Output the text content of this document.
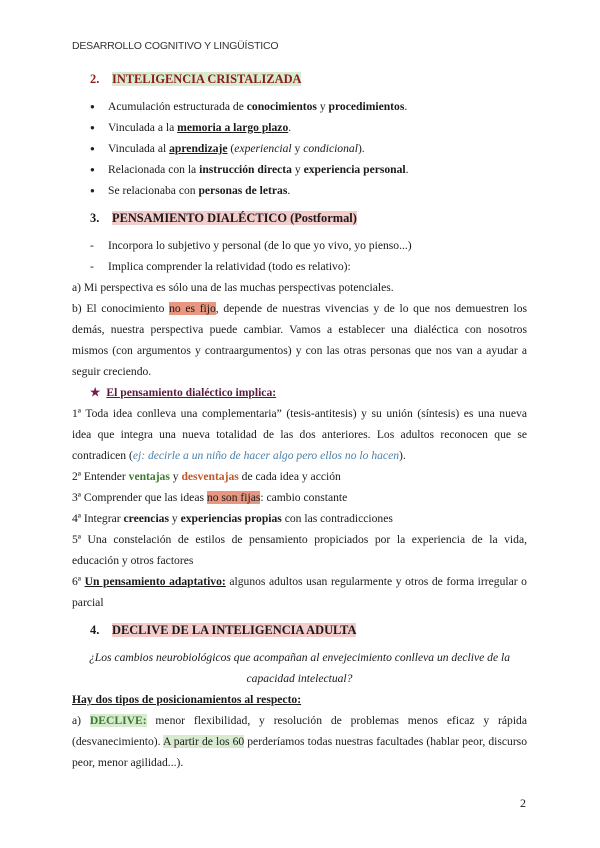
DESARROLLO COGNITIVO Y LINGÜÍSTICO
2. INTELIGENCIA CRISTALIZADA
● Acumulación estructurada de conocimientos y procedimientos.
● Vinculada a la memoria a largo plazo.
● Vinculada al aprendizaje (experiencial y condicional).
● Relacionada con la instrucción directa y experiencia personal.
● Se relacionaba con personas de letras.
3. PENSAMIENTO DIALÉCTICO (Postformal)
- Incorpora lo subjetivo y personal (de lo que yo vivo, yo pienso...)
- Implica comprender la relatividad (todo es relativo):

a) Mi perspectiva es sólo una de las muchas perspectivas potenciales.

b) El conocimiento no es fijo, depende de nuestras vivencias y de lo que nos demuestren los demás, nuestra perspectiva puede cambiar. Vamos a establecer una dialéctica con nosotros mismos (con argumentos y contraargumentos) y con las otras personas que nos van a ayudar a seguir creciendo.

★ El pensamiento dialéctico implica:

1ª Toda idea conlleva una complementaria” (tesis-antitesis) y su unión (síntesis) es una nueva idea que integra una nueva totalidad de las dos anteriores. Los adultos reconocen que se contradicen (ej: decirle a un niño de hacer algo pero ellos no lo hacen).

2ª Entender ventajas y desventajas de cada idea y acción

3ª Comprender que las ideas no son fijas: cambio constante

4ª Integrar creencias y experiencias propias con las contradicciones

5ª Una constelación de estilos de pensamiento propiciados por la experiencia de la vida, educación y otros factores

6ª Un pensamiento adaptativo: algunos adultos usan regularmente y otros de forma irregular o parcial

4. DECLIVE DE LA INTELIGENCIA ADULTA

¿Los cambios neurobiológicos que acompañan al envejecimiento conlleva un declive de la capacidad intelectual?

Hay dos tipos de posicionamientos al respecto:

a) DECLIVE: menor flexibilidad, y resolución de problemas menos eficaz y rápida (desvanecimiento). A partir de los 60 perderíamos todas nuestras facultades (hablar peor, discurso peor, menor agilidad...).

2
